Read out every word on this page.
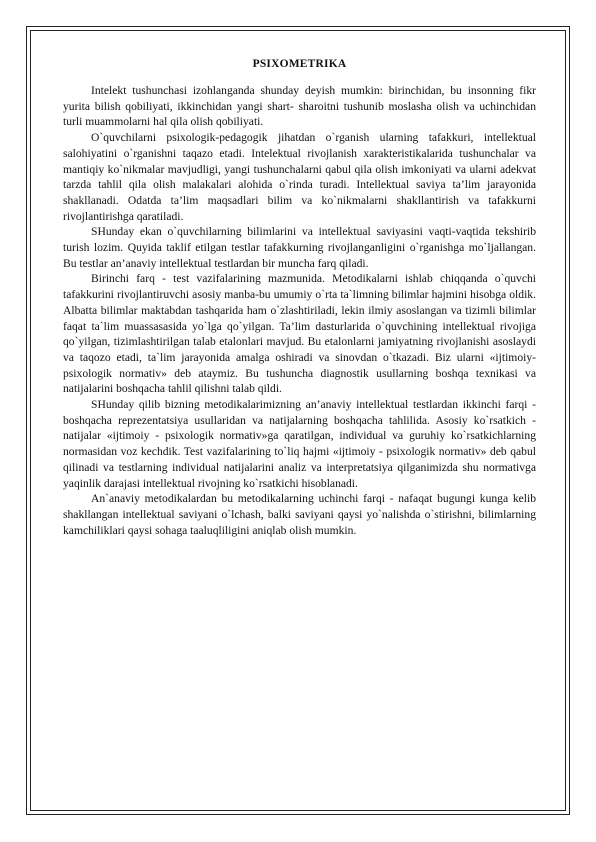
PSIXOMETRIKA

Intelekt tushunchasi izohlanganda shunday deyish mumkin: birinchidan, bu insonning fikr yurita bilish qobiliyati, ikkinchidan yangi shart- sharoitni tushunib moslasha olish va uchinchidan turli muammolarni hal qila olish qobiliyati.

O`quvchilarni psixologik-pedagogik jihatdan o`rganish ularning tafakkuri, intellektual salohiyatini o`rganishni taqazo etadi. Intelektual rivojlanish xarakteristikalarida tushunchalar va mantiqiy ko`nikmalar mavjudligi, yangi tushunchalarni qabul qila olish imkoniyati va ularni adekvat tarzda tahlil qila olish malakalari alohida o`rinda turadi. Intellektual saviya ta’lim jarayonida shakllanadi. Odatda ta’lim maqsadlari bilim va ko`nikmalarni shakllantirish va tafakkurni rivojlantirishga qaratiladi.

SHunday ekan o`quvchilarning bilimlarini va intellektual saviyasini vaqti-vaqtida tekshirib turish lozim. Quyida taklif etilgan testlar tafakkurning rivojlanganligini o`rganishga mo`ljallangan. Bu testlar an’anaviy intellektual testlardan bir muncha farq qiladi.

Birinchi farq - test vazifalarining mazmunida. Metodikalarni ishlab chiqqanda o`quvchi tafakkurini rivojlantiruvchi asosiy manba-bu umumiy o`rta ta`limning bilimlar hajmini hisobga oldik. Albatta bilimlar maktabdan tashqarida ham o`zlashtiriladi, lekin ilmiy asoslangan va tizimli bilimlar faqat ta`lim muassasasida yo`lga qo`yilgan. Ta’lim dasturlarida o`quvchining intellektual rivojiga qo`yilgan, tizimlashtirilgan talab etalonlari mavjud. Bu etalonlarni jamiyatning rivojlanishi asoslaydi va taqozo etadi, ta`lim jarayonida amalga oshiradi va sinovdan o`tkazadi. Biz ularni «ijtimoiy-psixologik normativ» deb ataymiz. Bu tushuncha diagnostik usullarning boshqa texnikasi va natijalarini boshqacha tahlil qilishni talab qildi.

SHunday qilib bizning metodikalarimizning an’anaviy intellektual testlardan ikkinchi farqi - boshqacha reprezentatsiya usullaridan va natijalarning boshqacha tahlilida. Asosiy ko`rsatkich - natijalar «ijtimoiy - psixologik normativ»ga qaratilgan, individual va guruhiy ko`rsatkichlarning normasidan voz kechdik. Test vazifalarining to`liq hajmi «ijtimoiy - psixologik normativ» deb qabul qilinadi va testlarning individual natijalarini analiz va interpretatsiya qilganimizda shu normativga yaqinlik darajasi intellektual rivojning ko`rsatkichi hisoblanadi.

An`anaviy metodikalardan bu metodikalarning uchinchi farqi - nafaqat bugungi kunga kelib shakllangan intellektual saviyani o`lchash, balki saviyani qaysi yo`nalishda o`stirishni, bilimlarning kamchiliklari qaysi sohaga taaluqliligini aniqlab olish mumkin.
